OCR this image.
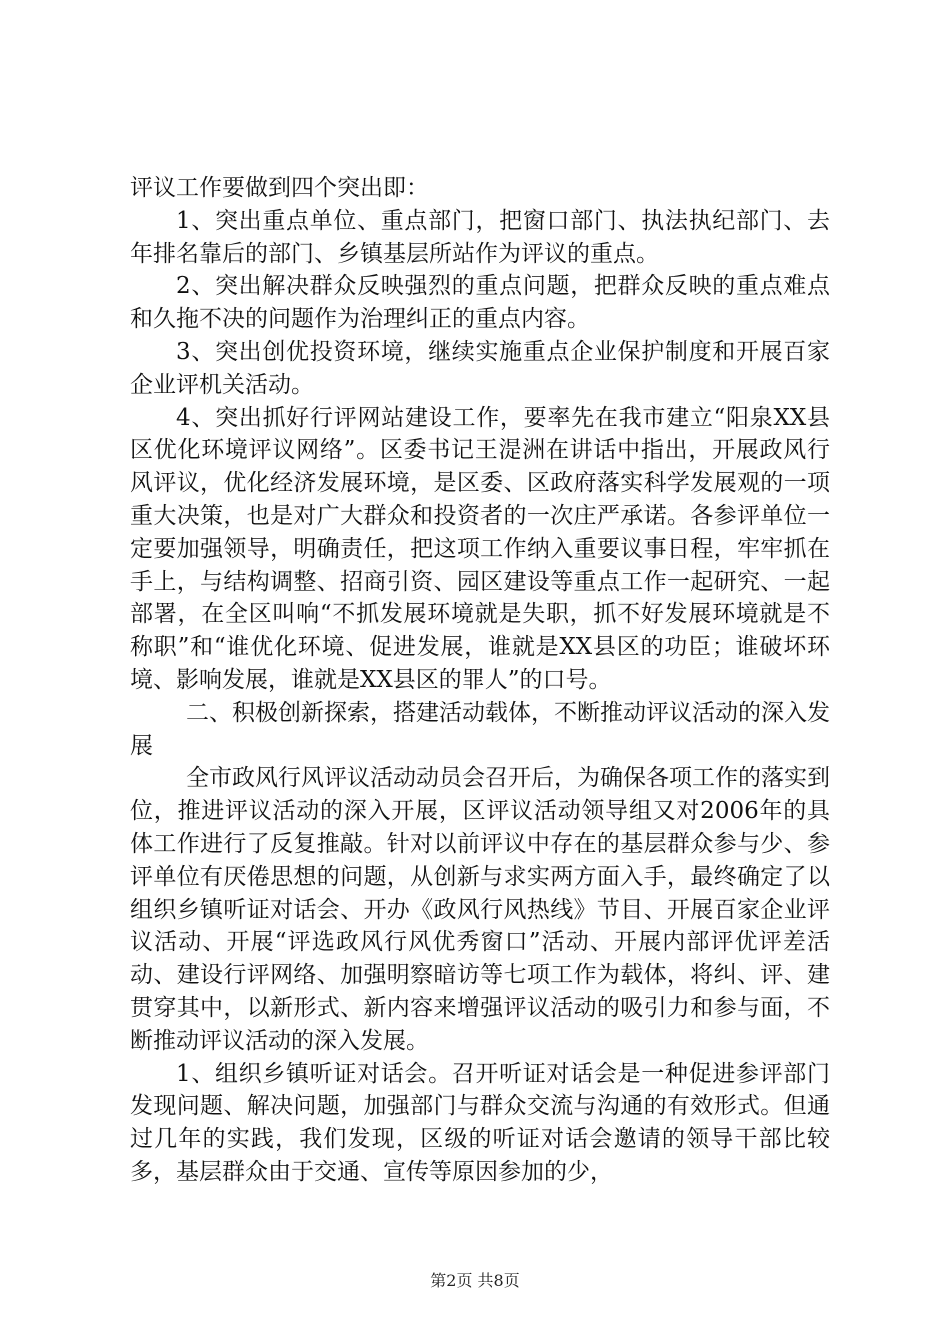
评议工作要做到四个突出即：

1、突出重点单位、重点部门，把窗口部门、执法执纪部门、去年排名靠后的部门、乡镇基层所站作为评议的重点。

2、突出解决群众反映强烈的重点问题，把群众反映的重点难点和久拖不决的问题作为治理纠正的重点内容。

3、突出创优投资环境，继续实施重点企业保护制度和开展百家企业评机关活动。

4、突出抓好行评网站建设工作，要率先在我市建立“阳泉XX县区优化环境评议网络”。区委书记王湜洲在讲话中指出，开展政风行风评议，优化经济发展环境，是区委、区政府落实科学发展观的一项重大决策，也是对广大群众和投资者的一次庄严承诺。各参评单位一定要加强领导，明确责任，把这项工作纳入重要议事日程，牢牢抓在手上，与结构调整、招商引资、园区建设等重点工作一起研究、一起部署，在全区叫响“不抓发展环境就是失职，抓不好发展环境就是不称职”和“谁优化环境、促进发展，谁就是XX县区的功臣；谁破坏环境、影响发展，谁就是XX县区的罪人”的口号。

二、积极创新探索，搭建活动载体，不断推动评议活动的深入发展

全市政风行风评议活动动员会召开后，为确保各项工作的落实到位，推进评议活动的深入开展，区评议活动领导组又对2006年的具体工作进行了反复推敲。针对以前评议中存在的基层群众参与少、参评单位有厌倦思想的问题，从创新与求实两方面入手，最终确定了以组织乡镇听证对话会、开办《政风行风热线》节目、开展百家企业评议活动、开展“评选政风行风优秀窗口”活动、开展内部评优评差活动、建设行评网络、加强明察暗访等七项工作为载体，将纠、评、建贯穿其中，以新形式、新内容来增强评议活动的吸引力和参与面，不断推动评议活动的深入发展。

1、组织乡镇听证对话会。召开听证对话会是一种促进参评部门发现问题、解决问题，加强部门与群众交流与沟通的有效形式。但通过几年的实践，我们发现，区级的听证对话会邀请的领导干部比较多，基层群众由于交通、宣传等原因参加的少，

第2页 共8页
